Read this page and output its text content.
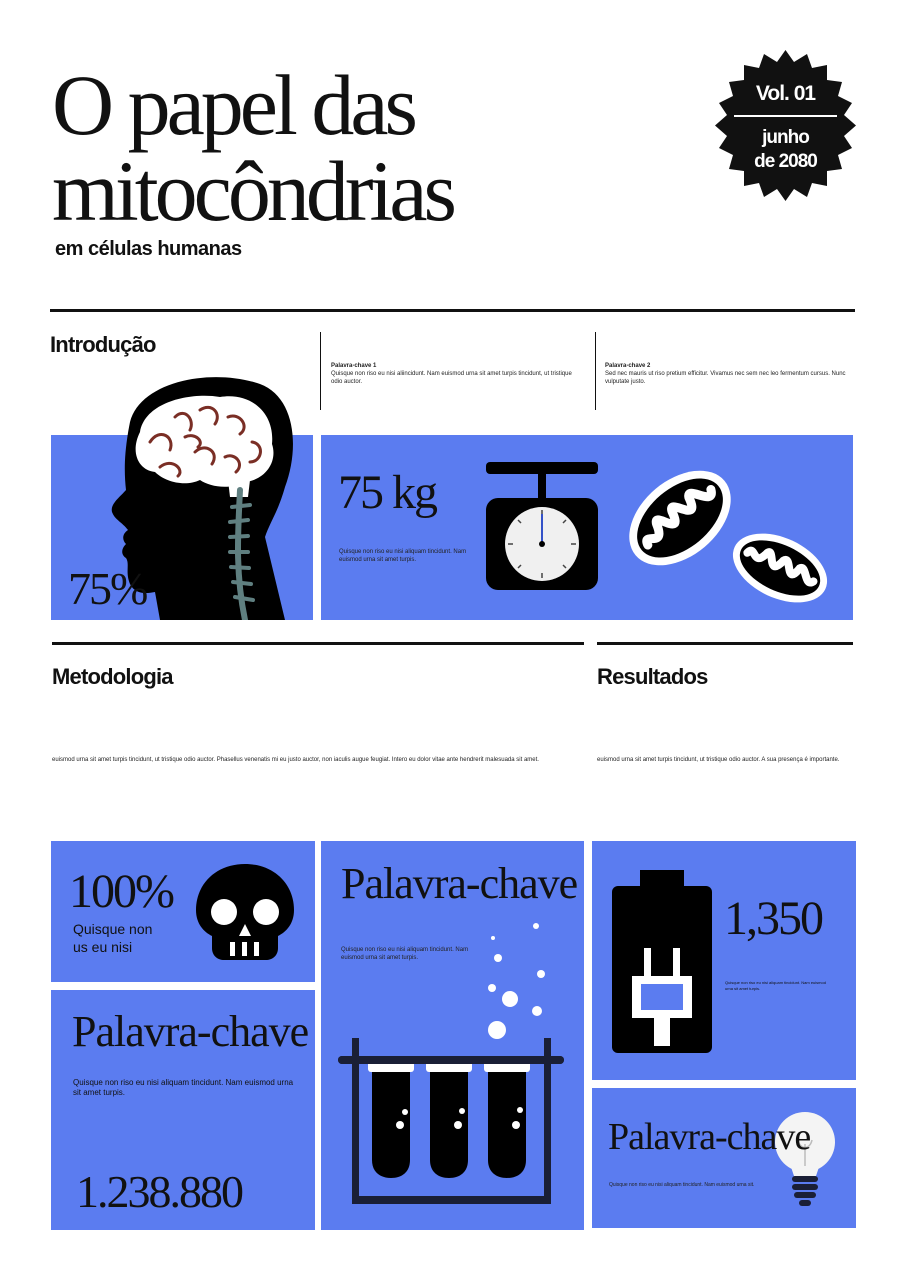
O papel das
mitocôndrias
em células humanas
Vol. 01
junho
de 2080
Introdução
Palavra-chave 1
Quisque non riso eu nisi aliincidunt. Nam euismod urna sit amet turpis tincidunt, ut tristique odio auctor.
Palavra-chave 2
Sed nec mauris ut riso pretium efficitur. Vivamus nec sem nec leo fermentum cursus. Nunc vulputate justo.
75%
75 kg
Quisque non riso eu nisi aliquam tincidunt. Nam euismod urna sit amet turpis.
Metodologia	Resultados
euismod urna sit amet turpis tincidunt, ut tristique odio auctor. Phasellus venenatis mi eu justo auctor, non iaculis augue feugiat. Intero eu dolor vitae ante hendrerit malesuada sit amet.	euismod urna sit amet turpis tincidunt, ut tristique odio auctor. A sua presença é importante.
100%
Quisque non
us eu nisi
Palavra-chave
Quisque non riso eu nisi aliquam tincidunt. Nam euismod urna sit amet turpis.
1.238.880
Palavra-chave
Quisque non riso eu nisi aliquam tincidunt. Nam euismod urna sit amet turpis.
1,350
Quisque non riso eu nisi aliquam tincidunt. Nam euismod urna sit amet turpis.
Palavra-chave
Quisque non riso eu nisi aliquam tincidunt. Nam euismod urna sit.
